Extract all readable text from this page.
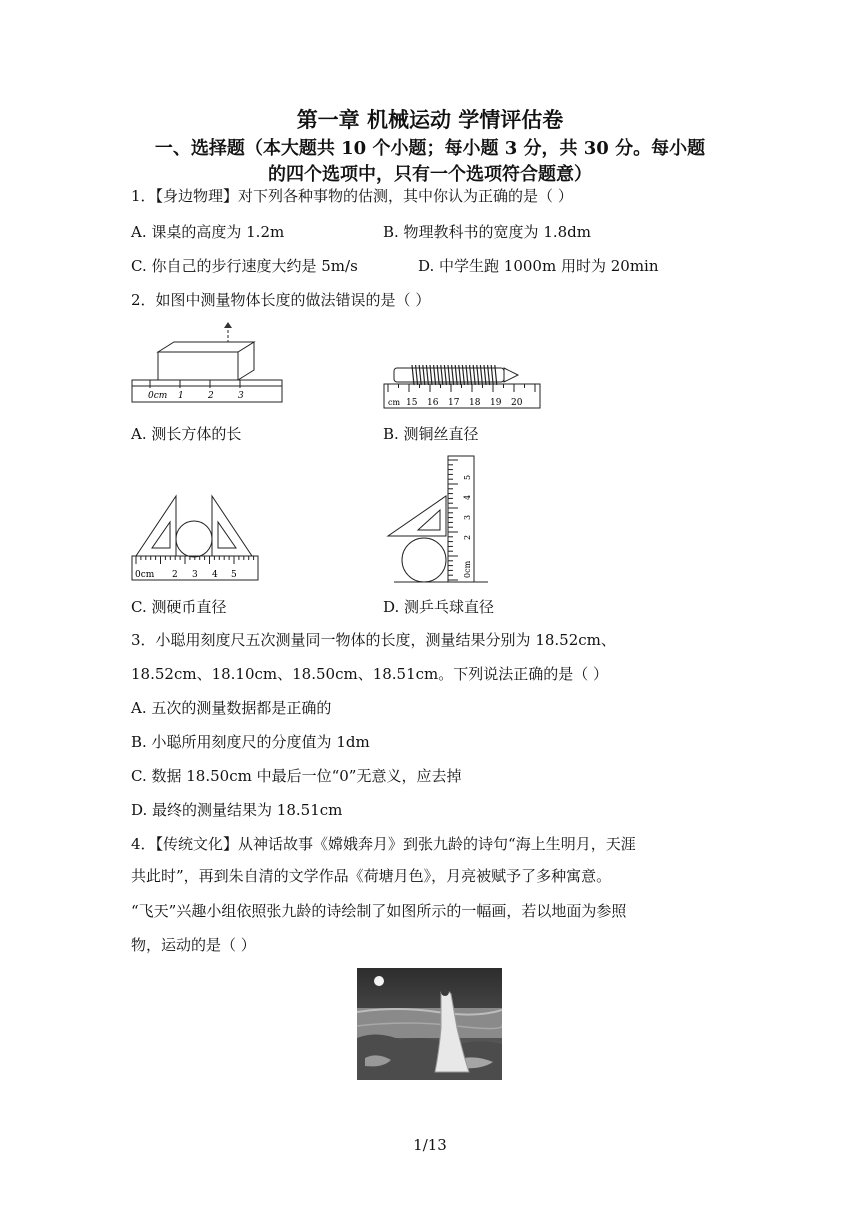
第一章 机械运动 学情评估卷
一、选择题（本大题共 10 个小题；每小题 3 分，共 30 分。每小题
的四个选项中，只有一个选项符合题意）
1．【身边物理】对下列各种事物的估测，其中你认为正确的是（ ）
A. 课桌的高度为 1.2m	B. 物理教科书的宽度为 1.8dm
C. 你自己的步行速度大约是 5m/s	D. 中学生跑 1000m 用时为 20min
2．如图中测量物体长度的做法错误的是（ ）
0cm 1	2	3
cm 15 16 17 18 19 20
A. 测长方体的长	B. 测铜丝直径
0cm 2 3 4 5	0cm
2
3
4
5
C. 测硬币直径	D. 测乒乓球直径
3．小聪用刻度尺五次测量同一物体的长度，测量结果分别为 18.52cm、
18.52cm、18.10cm、18.50cm、18.51cm。下列说法正确的是（ ）
A. 五次的测量数据都是正确的
B. 小聪所用刻度尺的分度值为 1dm
C. 数据 18.50cm 中最后一位“0”无意义，应去掉
D. 最终的测量结果为 18.51cm
4．【传统文化】从神话故事《嫦娥奔月》到张九龄的诗句“海上生明月，天涯
共此时”，再到朱自清的文学作品《荷塘月色》，月亮被赋予了多种寓意。
“飞天”兴趣小组依照张九龄的诗绘制了如图所示的一幅画，若以地面为参照
物，运动的是（ ）
1/13
